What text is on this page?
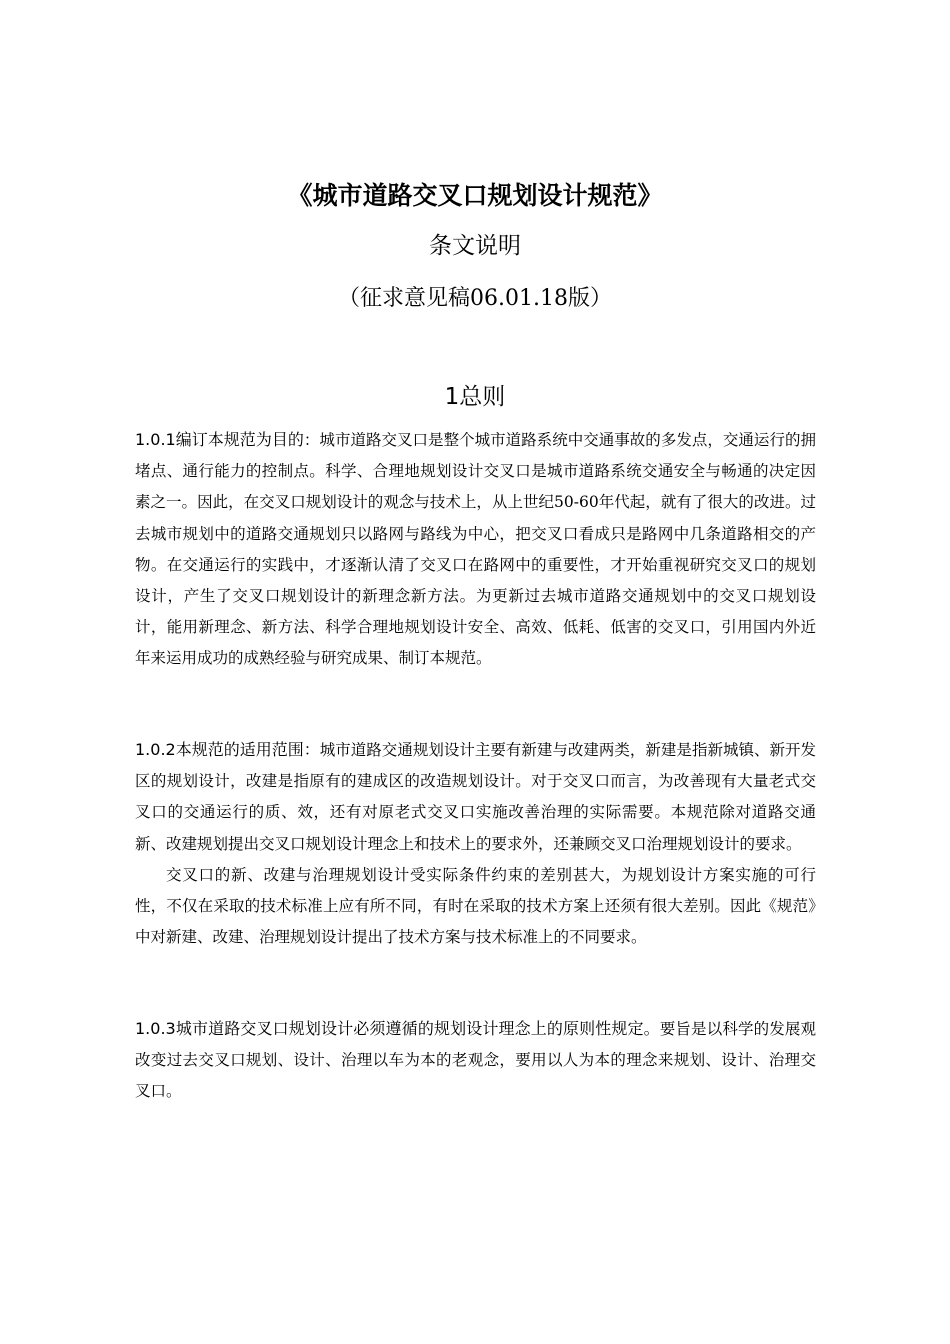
《城市道路交叉口规划设计规范》
条文说明
（征求意见稿06.01.18版）
1总则

1.0.1编订本规范为目的：城市道路交叉口是整个城市道路系统中交通事故的多发点，交通运行的拥堵点、通行能力的控制点。科学、合理地规划设计交叉口是城市道路系统交通安全与畅通的决定因素之一。因此，在交叉口规划设计的观念与技术上，从上世纪50-60年代起，就有了很大的改进。过去城市规划中的道路交通规划只以路网与路线为中心，把交叉口看成只是路网中几条道路相交的产物。在交通运行的实践中，才逐渐认清了交叉口在路网中的重要性，才开始重视研究交叉口的规划设计，产生了交叉口规划设计的新理念新方法。为更新过去城市道路交通规划中的交叉口规划设计，能用新理念、新方法、科学合理地规划设计安全、高效、低耗、低害的交叉口，引用国内外近年来运用成功的成熟经验与研究成果、制订本规范。

1.0.2本规范的适用范围：城市道路交通规划设计主要有新建与改建两类，新建是指新城镇、新开发区的规划设计，改建是指原有的建成区的改造规划设计。对于交叉口而言，为改善现有大量老式交叉口的交通运行的质、效，还有对原老式交叉口实施改善治理的实际需要。本规范除对道路交通新、改建规划提出交叉口规划设计理念上和技术上的要求外，还兼顾交叉口治理规划设计的要求。

交叉口的新、改建与治理规划设计受实际条件约束的差别甚大，为规划设计方案实施的可行性，不仅在采取的技术标准上应有所不同，有时在采取的技术方案上还须有很大差别。因此《规范》中对新建、改建、治理规划设计提出了技术方案与技术标准上的不同要求。

1.0.3城市道路交叉口规划设计必须遵循的规划设计理念上的原则性规定。要旨是以科学的发展观改变过去交叉口规划、设计、治理以车为本的老观念，要用以人为本的理念来规划、设计、治理交叉口。
